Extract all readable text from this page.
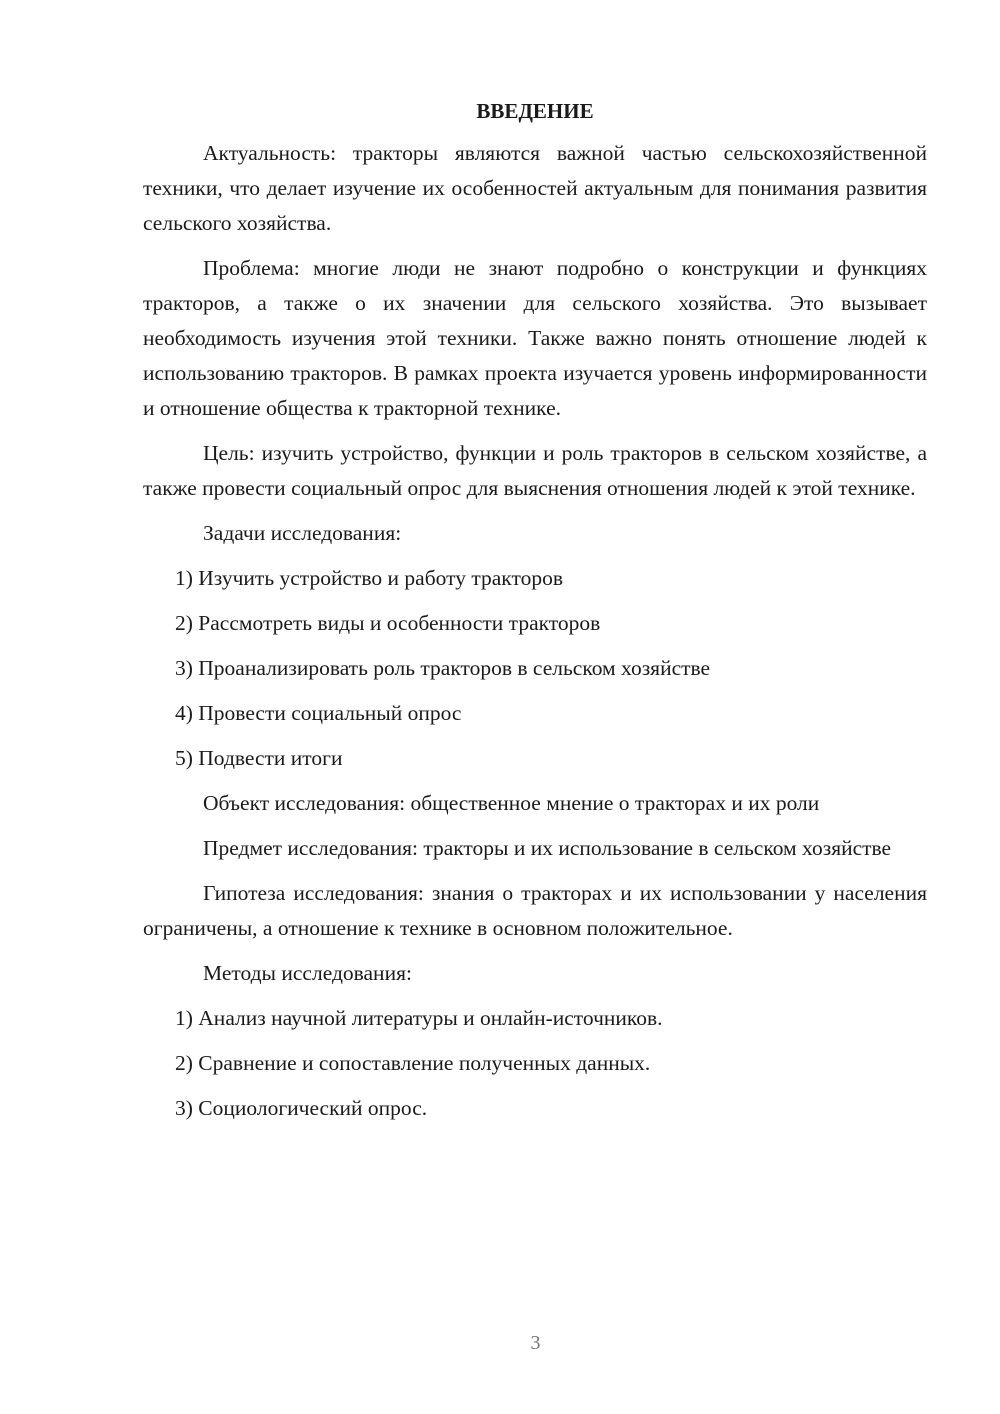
ВВЕДЕНИЕ

Актуальность: тракторы являются важной частью сельскохозяйственной техники, что делает изучение их особенностей актуальным для понимания развития сельского хозяйства.

Проблема: многие люди не знают подробно о конструкции и функциях тракторов, а также о их значении для сельского хозяйства. Это вызывает необходимость изучения этой техники. Также важно понять отношение людей к использованию тракторов. В рамках проекта изучается уровень информированности и отношение общества к тракторной технике.

Цель: изучить устройство, функции и роль тракторов в сельском хозяйстве, а также провести социальный опрос для выяснения отношения людей к этой технике.

Задачи исследования:

1) Изучить устройство и работу тракторов

2) Рассмотреть виды и особенности тракторов

3) Проанализировать роль тракторов в сельском хозяйстве

4) Провести социальный опрос

5) Подвести итоги

Объект исследования: общественное мнение о тракторах и их роли

Предмет исследования: тракторы и их использование в сельском хозяйстве

Гипотеза исследования: знания о тракторах и их использовании у населения ограничены, а отношение к технике в основном положительное.

Методы исследования:

1) Анализ научной литературы и онлайн-источников.

2) Сравнение и сопоставление полученных данных.

3) Социологический опрос.

3
